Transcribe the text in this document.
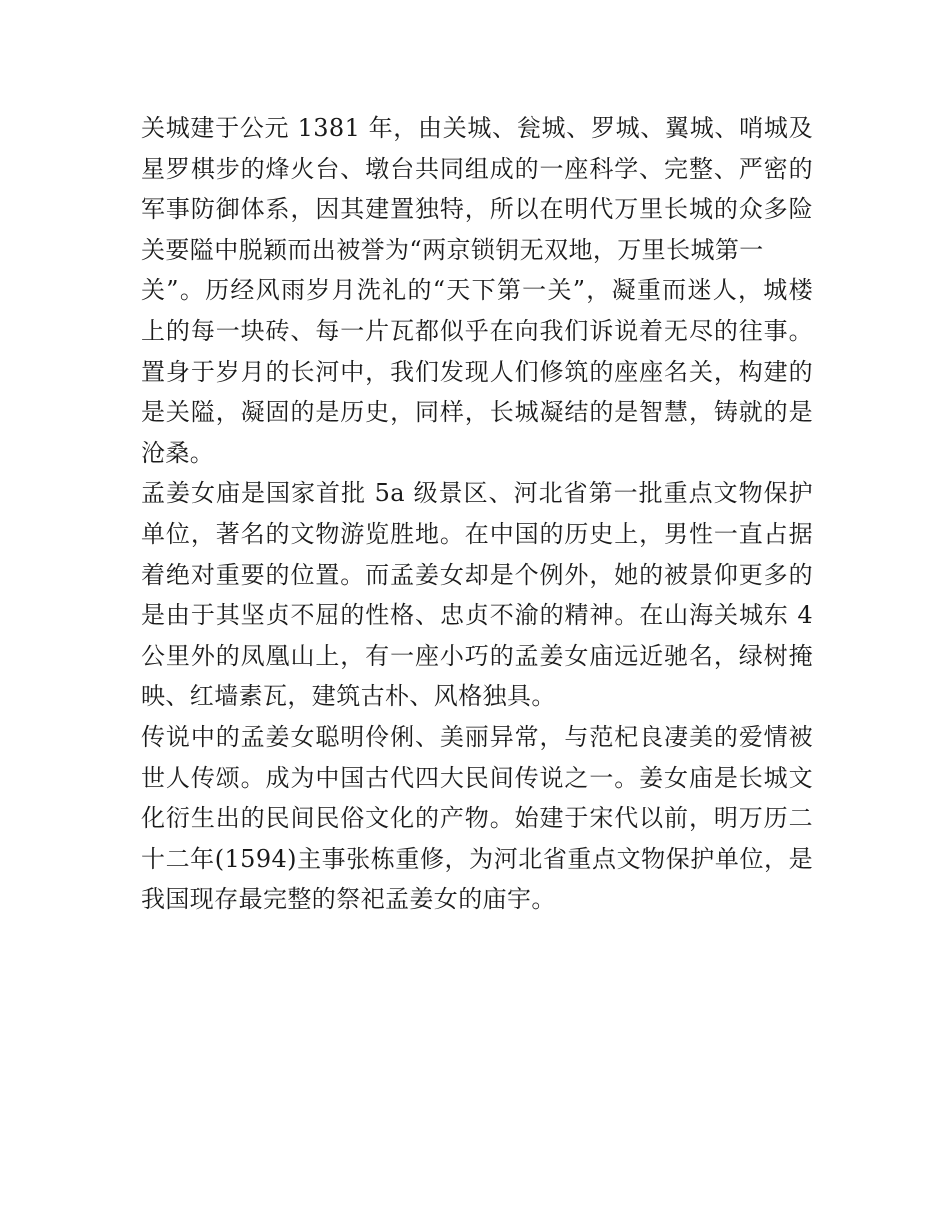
关城建于公元 1381 年，由关城、瓮城、罗城、翼城、哨城及
星罗棋步的烽火台、墩台共同组成的一座科学、完整、严密的
军事防御体系，因其建置独特，所以在明代万里长城的众多险
关要隘中脱颖而出被誉为“两京锁钥无双地，万里长城第一
关”。历经风雨岁月洗礼的“天下第一关”，凝重而迷人，城楼
上的每一块砖、每一片瓦都似乎在向我们诉说着无尽的往事。
置身于岁月的长河中，我们发现人们修筑的座座名关，构建的
是关隘，凝固的是历史，同样，长城凝结的是智慧，铸就的是
沧桑。

孟姜女庙是国家首批 5a 级景区、河北省第一批重点文物保护
单位，著名的文物游览胜地。在中国的历史上，男性一直占据
着绝对重要的位置。而孟姜女却是个例外，她的被景仰更多的
是由于其坚贞不屈的性格、忠贞不渝的精神。在山海关城东 4
公里外的凤凰山上，有一座小巧的孟姜女庙远近驰名，绿树掩
映、红墙素瓦，建筑古朴、风格独具。

传说中的孟姜女聪明伶俐、美丽异常，与范杞良凄美的爱情被
世人传颂。成为中国古代四大民间传说之一。姜女庙是长城文
化衍生出的民间民俗文化的产物。始建于宋代以前，明万历二
十二年(1594)主事张栋重修，为河北省重点文物保护单位，是
我国现存最完整的祭祀孟姜女的庙宇。
